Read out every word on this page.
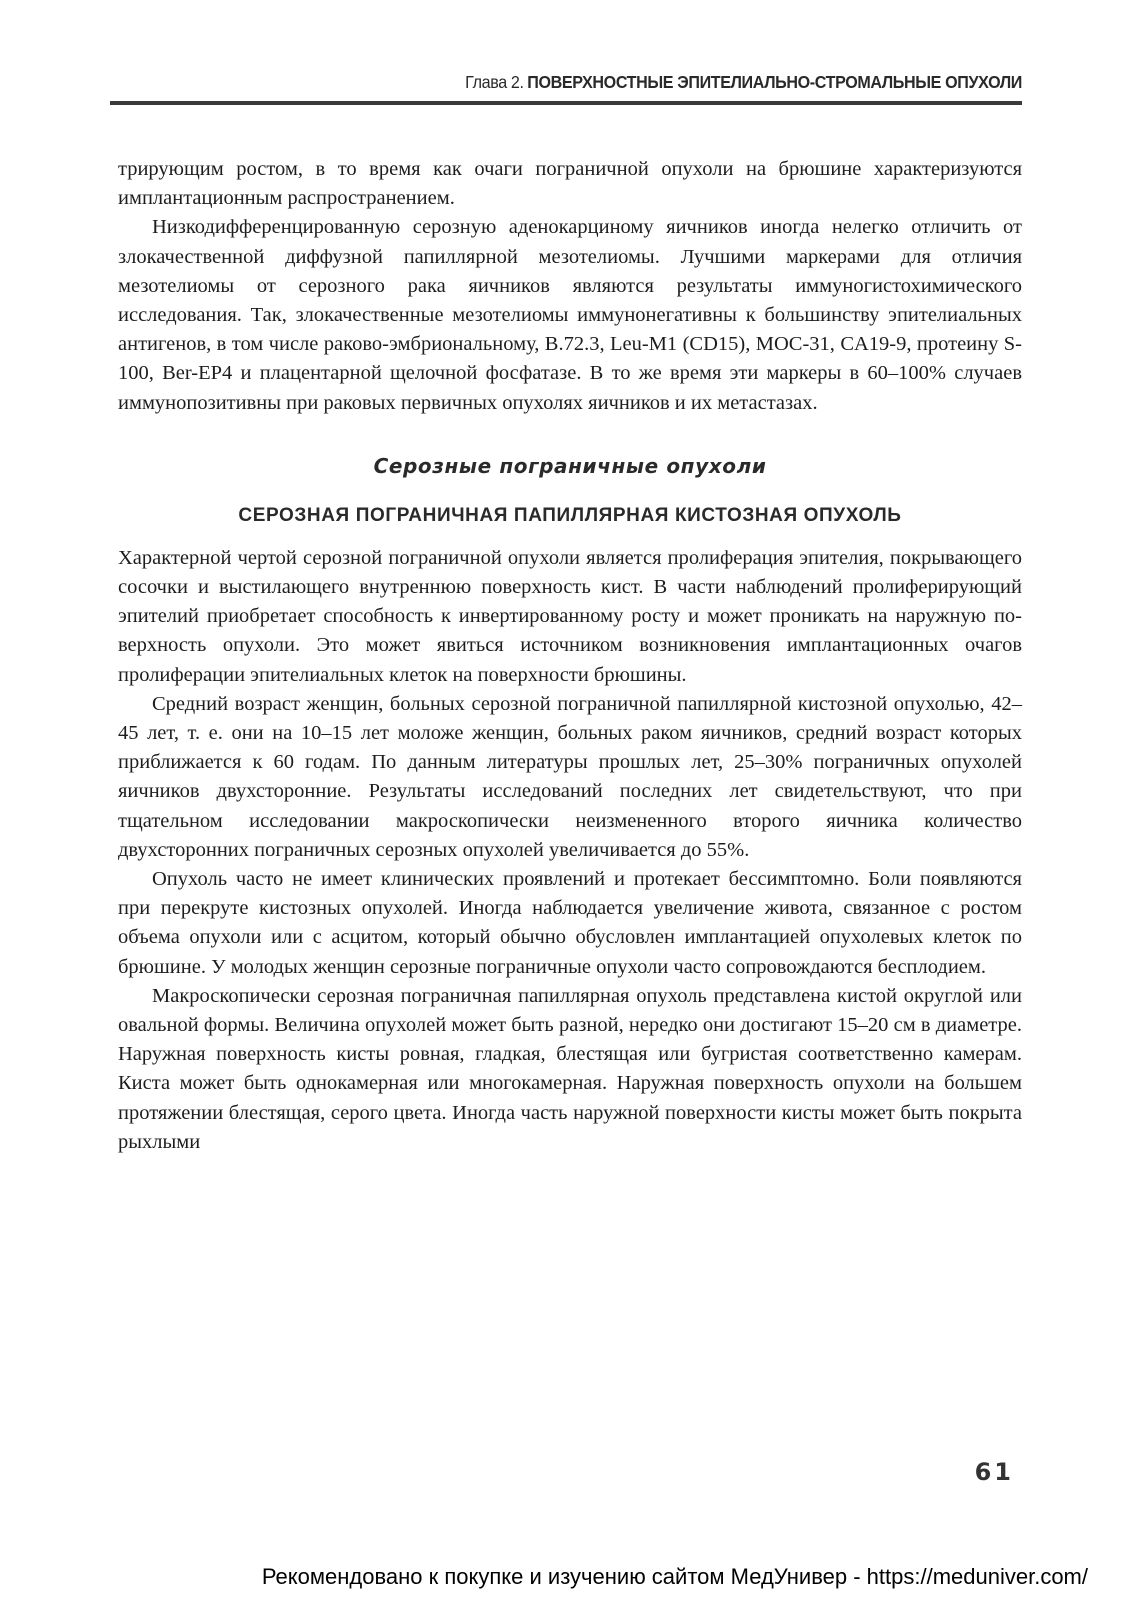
Глава 2. ПОВЕРХНОСТНЫЕ ЭПИТЕЛИАЛЬНО-СТРОМАЛЬНЫЕ ОПУХОЛИ

трирующим ростом, в то время как очаги пограничной опухоли на брюшине характеризуются имплантационным распространением.

Низкодифференцированную серозную аденокарциному яичников иногда нелегко отличить от злокачественной диффузной папиллярной мезотелиомы. Лучшими маркерами для отличия мезотелиомы от серозного рака яичников являются результаты иммуногистохимического исследования. Так, злокачественные мезотелиомы иммунонегативны к большинству эпителиальных антигенов, в том числе раково-эмбриональному, B.72.3, Leu-M1 (CD15), MOC-31, CA19-9, протеину S-100, Ber-EP4 и плацентарной щелочной фосфатазе. В то же время эти маркеры в 60–100% случаев иммунопозитивны при раковых первичных опухолях яичников и их метастазах.

Серозные пограничные опухоли
СЕРОЗНАЯ ПОГРАНИЧНАЯ ПАПИЛЛЯРНАЯ КИСТОЗНАЯ ОПУХОЛЬ

Характерной чертой серозной пограничной опухоли является пролиферация эпителия, покрывающего сосочки и выстилающего внутреннюю поверхность кист. В части наблюдений пролиферирующий эпителий приобретает способность к инвертированному росту и может проникать на наружную поверхность опухоли. Это может явиться источником возникновения имплантационных очагов пролиферации эпителиальных клеток на поверхности брюшины.

Средний возраст женщин, больных серозной пограничной папиллярной кистозной опухолью, 42–45 лет, т. е. они на 10–15 лет моложе женщин, больных раком яичников, средний возраст которых приближается к 60 годам. По данным литературы прошлых лет, 25–30% пограничных опухолей яичников двухсторонние. Результаты исследований последних лет свидетельствуют, что при тщательном исследовании макроскопически неизмененного второго яичника количество двухсторонних пограничных серозных опухолей увеличивается до 55%.

Опухоль часто не имеет клинических проявлений и протекает бессимптомно. Боли появляются при перекруте кистозных опухолей. Иногда наблюдается увеличение живота, связанное с ростом объема опухоли или с асцитом, который обычно обусловлен имплантацией опухолевых клеток по брюшине. У молодых женщин серозные пограничные опухоли часто сопровождаются бесплодием.

Макроскопически серозная пограничная папиллярная опухоль представлена кистой округлой или овальной формы. Величина опухолей может быть разной, нередко они достигают 15–20 см в диаметре. Наружная поверхность кисты ровная, гладкая, блестящая или бугристая соответственно камерам. Киста может быть однокамерная или многокамерная. Наружная поверхность опухоли на большем протяжении блестящая, серого цвета. Иногда часть наружной поверхности кисты может быть покрыта рыхлыми

61
Рекомендовано к покупке и изучению сайтом МедУнивер - https://meduniver.com/
